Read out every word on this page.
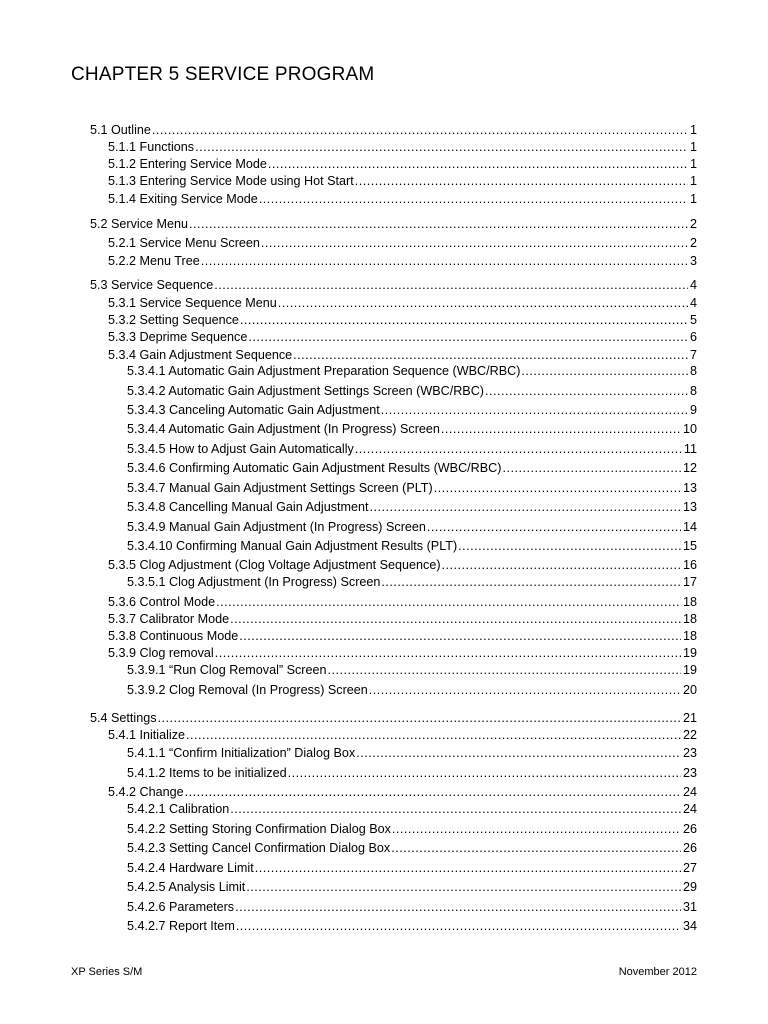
CHAPTER 5 SERVICE PROGRAM
5.1 Outline .....	1
5.1.1 Functions .....	1
5.1.2 Entering Service Mode .....	1
5.1.3 Entering Service Mode using Hot Start .....	1
5.1.4 Exiting Service Mode .....	1
5.2 Service Menu .....	2
5.2.1 Service Menu Screen .....	2
5.2.2 Menu Tree .....	3
5.3 Service Sequence .....	4
5.3.1 Service Sequence Menu .....	4
5.3.2 Setting Sequence .....	5
5.3.3 Deprime Sequence .....	6
5.3.4 Gain Adjustment Sequence .....	7
5.3.4.1 Automatic Gain Adjustment Preparation Sequence (WBC/RBC) .....	8
5.3.4.2 Automatic Gain Adjustment Settings Screen (WBC/RBC) .....	8
5.3.4.3 Canceling Automatic Gain Adjustment .....	9
5.3.4.4 Automatic Gain Adjustment (In Progress) Screen .....	10
5.3.4.5 How to Adjust Gain Automatically .....	11
5.3.4.6 Confirming Automatic Gain Adjustment Results (WBC/RBC) .....	12
5.3.4.7 Manual Gain Adjustment Settings Screen (PLT) .....	13
5.3.4.8 Cancelling Manual Gain Adjustment .....	13
5.3.4.9 Manual Gain Adjustment (In Progress) Screen .....	14
5.3.4.10 Confirming Manual Gain Adjustment Results (PLT) .....	15
5.3.5 Clog Adjustment (Clog Voltage Adjustment Sequence) .....	16
5.3.5.1 Clog Adjustment (In Progress) Screen .....	17
5.3.6 Control Mode .....	18
5.3.7 Calibrator Mode .....	18
5.3.8 Continuous Mode .....	18
5.3.9 Clog removal .....	19
5.3.9.1 “Run Clog Removal” Screen .....	19
5.3.9.2 Clog Removal (In Progress) Screen .....	20
5.4 Settings .....	21
5.4.1 Initialize .....	22
5.4.1.1 “Confirm Initialization” Dialog Box .....	23
5.4.1.2 Items to be initialized .....	23
5.4.2 Change .....	24
5.4.2.1 Calibration .....	24
5.4.2.2 Setting Storing Confirmation Dialog Box .....	26
5.4.2.3 Setting Cancel Confirmation Dialog Box .....	26
5.4.2.4 Hardware Limit .....	27
5.4.2.5 Analysis Limit .....	29
5.4.2.6 Parameters .....	31
5.4.2.7 Report Item .....	34
XP Series S/M	November 2012
